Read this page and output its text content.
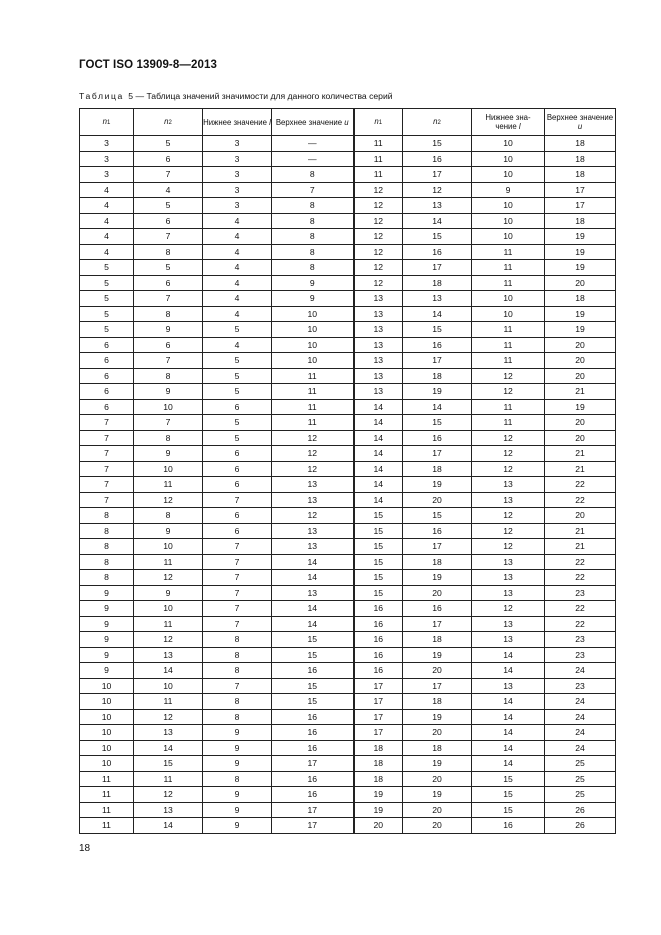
ГОСТ ISO 13909-8—2013
Таблица 5 — Таблица значений значимости для данного количества серий
n1	n2	Нижнее значение l	Верхнее значение u	n1	n2	Нижнее зна-
чение l	Верхнее значение u
3	5	3	—	11	15	10	18
3	6	3	—	11	16	10	18
3	7	3	8	11	17	10	18
4	4	3	7	12	12	9	17
4	5	3	8	12	13	10	17
4	6	4	8	12	14	10	18
4	7	4	8	12	15	10	19
4	8	4	8	12	16	11	19
5	5	4	8	12	17	11	19
5	6	4	9	12	18	11	20
5	7	4	9	13	13	10	18
5	8	4	10	13	14	10	19
5	9	5	10	13	15	11	19
6	6	4	10	13	16	11	20
6	7	5	10	13	17	11	20
6	8	5	11	13	18	12	20
6	9	5	11	13	19	12	21
6	10	6	11	14	14	11	19
7	7	5	11	14	15	11	20
7	8	5	12	14	16	12	20
7	9	6	12	14	17	12	21
7	10	6	12	14	18	12	21
7	11	6	13	14	19	13	22
7	12	7	13	14	20	13	22
8	8	6	12	15	15	12	20
8	9	6	13	15	16	12	21
8	10	7	13	15	17	12	21
8	11	7	14	15	18	13	22
8	12	7	14	15	19	13	22
9	9	7	13	15	20	13	23
9	10	7	14	16	16	12	22
9	11	7	14	16	17	13	22
9	12	8	15	16	18	13	23
9	13	8	15	16	19	14	23
9	14	8	16	16	20	14	24
10	10	7	15	17	17	13	23
10	11	8	15	17	18	14	24
10	12	8	16	17	19	14	24
10	13	9	16	17	20	14	24
10	14	9	16	18	18	14	24
10	15	9	17	18	19	14	25
11	11	8	16	18	20	15	25
11	12	9	16	19	19	15	25
11	13	9	17	19	20	15	26
11	14	9	17	20	20	16	26
18
